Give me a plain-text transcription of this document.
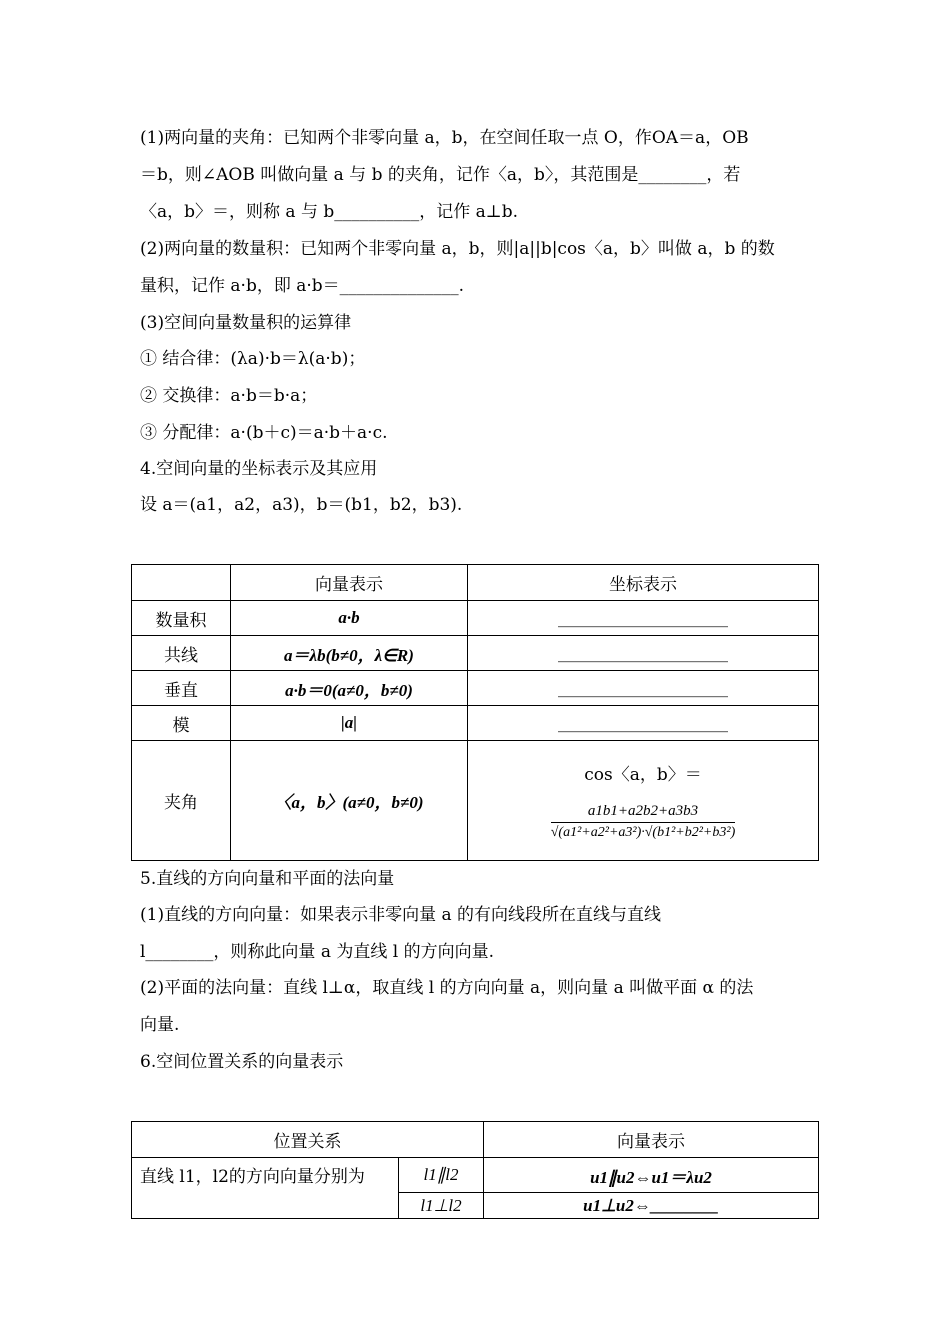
(1)两向量的夹角：已知两个非零向量 a，b，在空间任取一点 O，作OA＝a，OB
＝b，则∠AOB 叫做向量 a 与 b 的夹角，记作〈a，b〉，其范围是________，若
〈a，b〉＝，则称 a 与 b__________，记作 a⊥b.
(2)两向量的数量积：已知两个非零向量 a，b，则|a||b|cos〈a，b〉叫做 a，b 的数
量积，记作 a·b，即 a·b＝______________.
(3)空间向量数量积的运算律
① 结合律：(λa)·b＝λ(a·b)；
② 交换律：a·b＝b·a；
③ 分配律：a·(b＋c)＝a·b＋a·c.
4.空间向量的坐标表示及其应用
设 a＝(a1，a2，a3)，b＝(b1，b2，b3).
	向量表示	坐标表示
数量积	a·b	____________________
共线	a＝λb(b≠0，λ∈R)	____________________
垂直	a·b＝0(a≠0，b≠0)	____________________
模	|a|	____________________
夹角	〈a，b〉(a≠0，b≠0)	cos〈a，b〉＝
$\frac{a1b1+a2b2+a3b3}{\text{√(a1²+a2²+a3²)·√(b1²+b2²+b3²)}}$
5.直线的方向向量和平面的法向量
(1)直线的方向向量：如果表示非零向量 a 的有向线段所在直线与直线
l________，则称此向量 a 为直线 l 的方向向量.
(2)平面的法向量：直线 l⊥α，取直线 l 的方向向量 a，则向量 a 叫做平面 α 的法
向量.
6.空间位置关系的向量表示
位置关系		向量表示
直线 l1，l2的方向向量分别为	l1∥l2	u1∥u2⇔u1＝λu2
	l1⊥l2	u1⊥u2⇔________
